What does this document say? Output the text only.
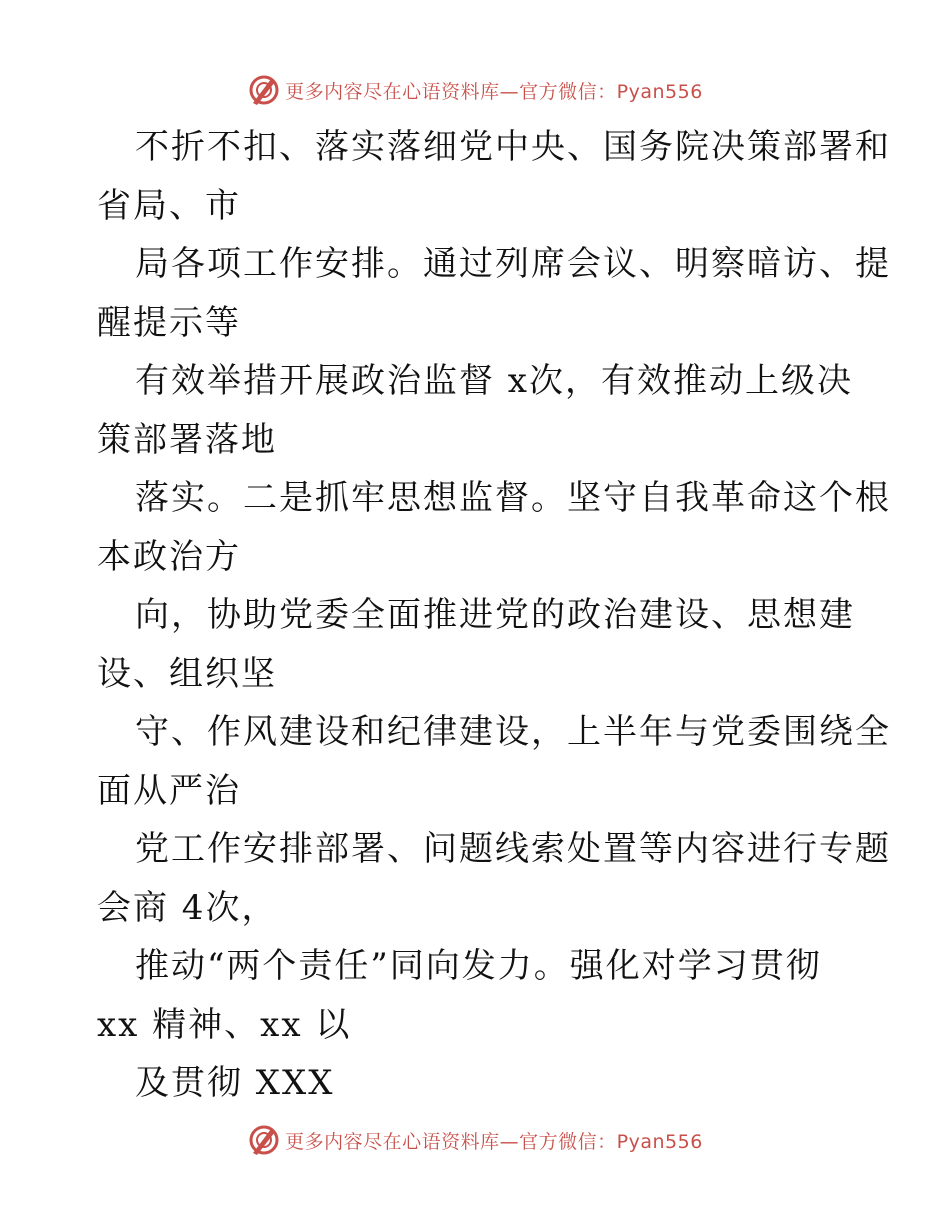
更多内容尽在心语资料库—官方微信：Pyan556
不折不扣、落实落细党中央、国务院决策部署和
省局、市
局各项工作安排。通过列席会议、明察暗访、提
醒提示等
有效举措开展政治监督 x次，有效推动上级决
策部署落地
落实。二是抓牢思想监督。坚守自我革命这个根
本政治方
向，协助党委全面推进党的政治建设、思想建
设、组织坚
守、作风建设和纪律建设，上半年与党委围绕全
面从严治
党工作安排部署、问题线索处置等内容进行专题
会商 4次，
推动“两个责任”同向发力。强化对学习贯彻
xx 精神、xx 以
及贯彻 XXX
更多内容尽在心语资料库—官方微信：Pyan556
